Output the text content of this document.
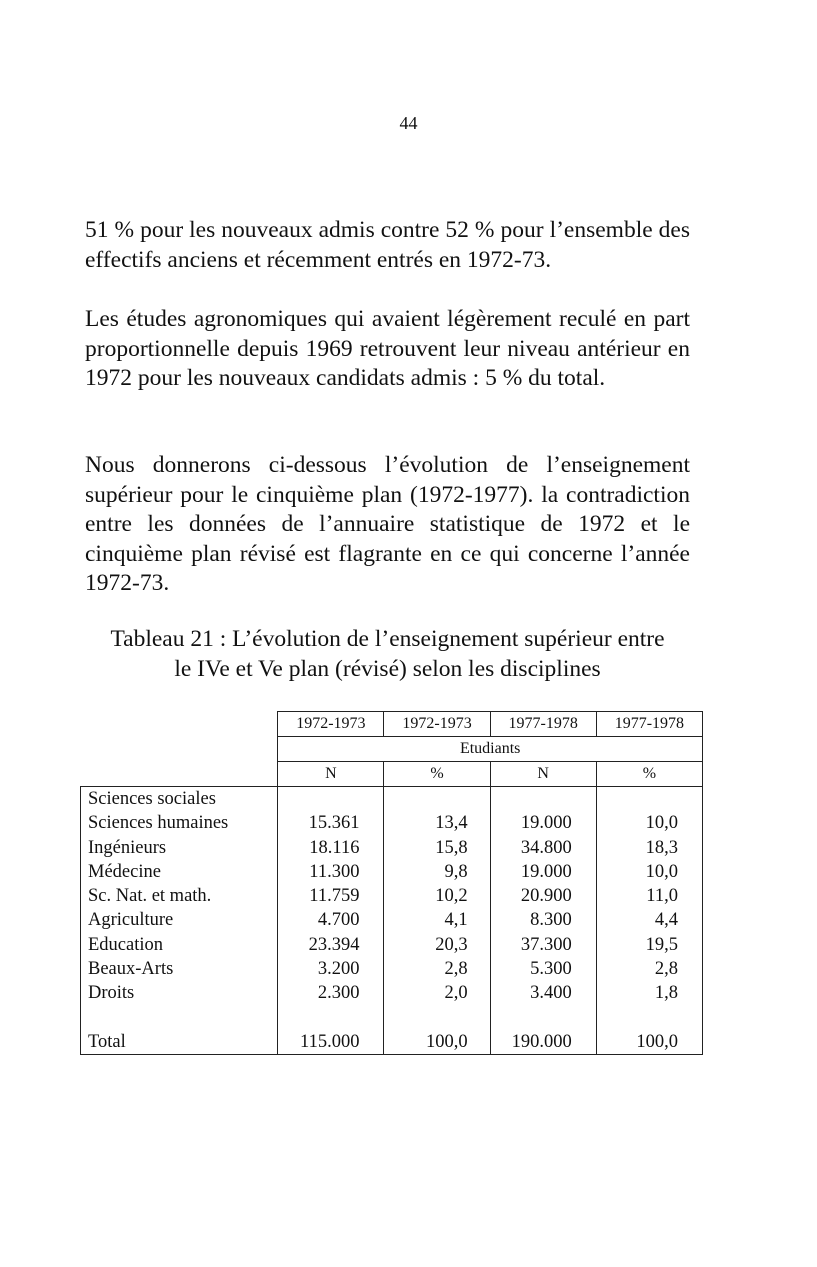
44

51 % pour les nouveaux admis contre 52 % pour l’ensemble des effectifs anciens et récemment entrés en 1972-73.

Les études agronomiques qui avaient légèrement reculé en part proportionnelle depuis 1969 retrouvent leur niveau antérieur en 1972 pour les nouveaux candidats admis : 5 % du total.

Nous donnerons ci-dessous l’évolution de l’enseignement supérieur pour le cinquième plan (1972-1977). la contradiction entre les données de l’annuaire statistique de 1972 et le cinquième plan révisé est flagrante en ce qui concerne l’année 1972-73.

Tableau 21 : L’évolution de l’enseignement supérieur entre
le IVe et Ve plan (révisé) selon les disciplines
	1972-1973	1972-1973	1977-1978	1977-1978
	Etudiants			
	N	%	N	%
Sciences sociales				
Sciences humaines	15.361	13,4	19.000	10,0
Ingénieurs	18.116	15,8	34.800	18,3
Médecine	11.300	9,8	19.000	10,0
Sc. Nat. et math.	11.759	10,2	20.900	11,0
Agriculture	4.700	4,1	8.300	4,4
Education	23.394	20,3	37.300	19,5
Beaux-Arts	3.200	2,8	5.300	2,8
Droits	2.300	2,0	3.400	1,8

Total	115.000	100,0	190.000	100,0
